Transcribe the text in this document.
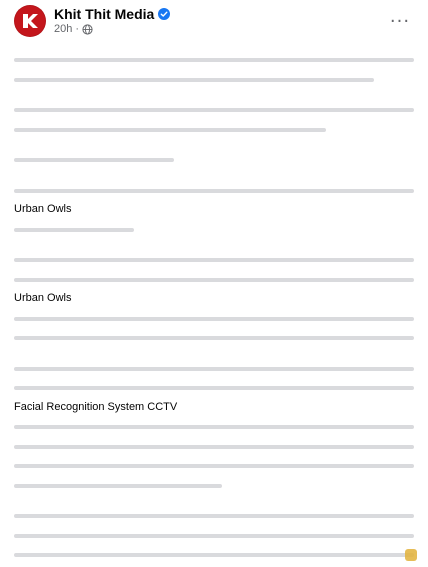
Khit Thit Media
20h ·	···
Urban Owls
Urban Owls
Facial Recognition System CCTV
